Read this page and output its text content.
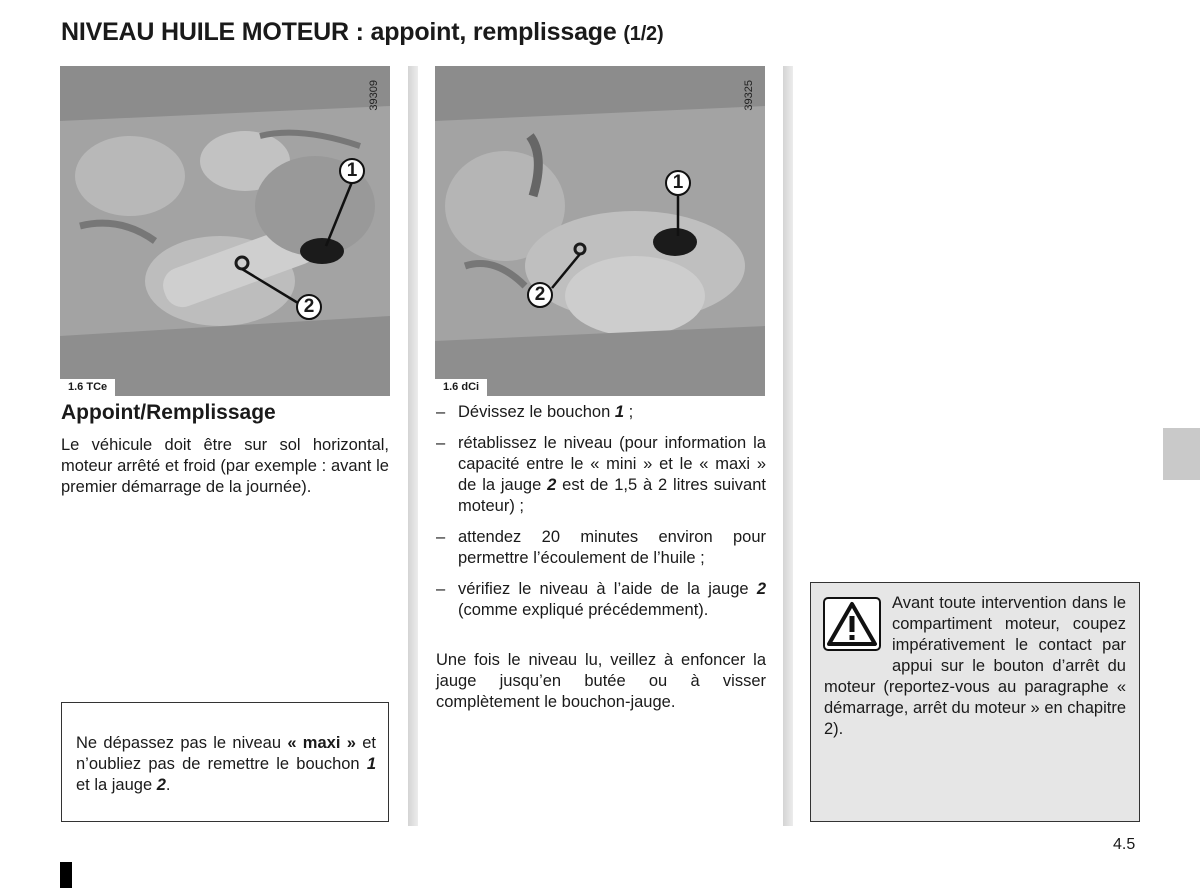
NIVEAU HUILE MOTEUR : appoint, remplissage (1/2)
39309
1
2
1.6 TCe
39325
1
2
1.6 dCi
Appoint/Remplissage

Le véhicule doit être sur sol horizontal, moteur arrêté et froid (par exemple : avant le premier démarrage de la journée).

Ne dépassez pas le niveau « maxi » et n’oubliez pas de remettre le bouchon 1 et la jauge 2.

– Dévissez le bouchon 1 ;
– rétablissez le niveau (pour information la capacité entre le « mini » et le « maxi » de la jauge 2 est de 1,5 à 2 litres suivant moteur) ;
– attendez 20 minutes environ pour permettre l’écoulement de l’huile ;
– vérifiez le niveau à l’aide de la jauge 2 (comme expliqué précédemment).

Une fois le niveau lu, veillez à enfoncer la jauge jusqu’en butée ou à visser complètement le bouchon-jauge.

Avant toute intervention dans le compartiment moteur, coupez impérativement le contact par appui sur le bouton d’arrêt du moteur (reportez-vous au paragraphe « démarrage, arrêt du moteur » en chapitre 2).

4.5
